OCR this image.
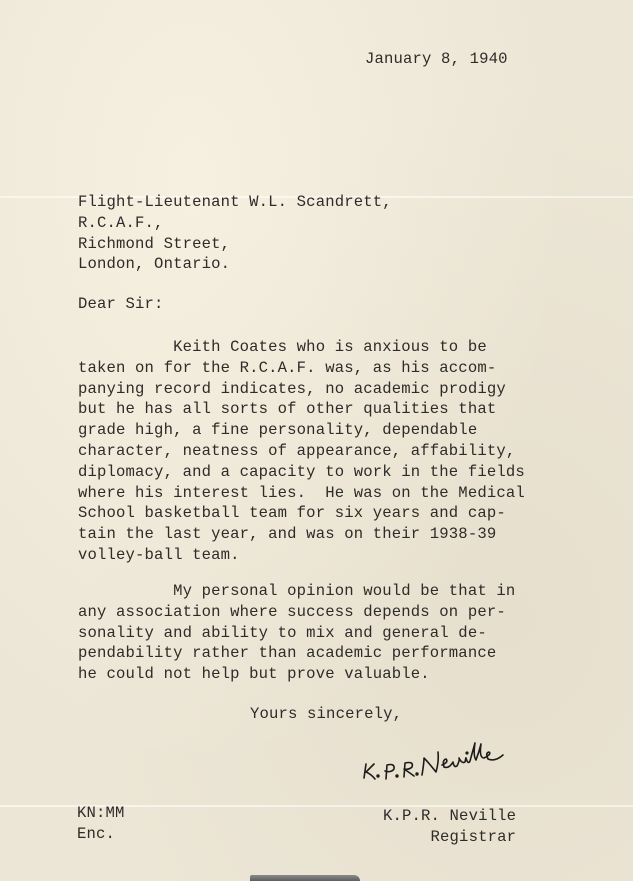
January 8, 1940
Flight-Lieutenant W.L. Scandrett,
R.C.A.F.,
Richmond Street,
London, Ontario.
Dear Sir:
Keith Coates who is anxious to be
taken on for the R.C.A.F. was, as his accom-
panying record indicates, no academic prodigy
but he has all sorts of other qualities that
grade high, a fine personality, dependable
character, neatness of appearance, affability,
diplomacy, and a capacity to work in the fields
where his interest lies.  He was on the Medical
School basketball team for six years and cap-
tain the last year, and was on their 1938-39
volley-ball team.
My personal opinion would be that in
any association where success depends on per-
sonality and ability to mix and general de-
pendability rather than academic performance
he could not help but prove valuable.
Yours sincerely,
KN:MM
Enc.
K.P.R. Neville
Registrar
